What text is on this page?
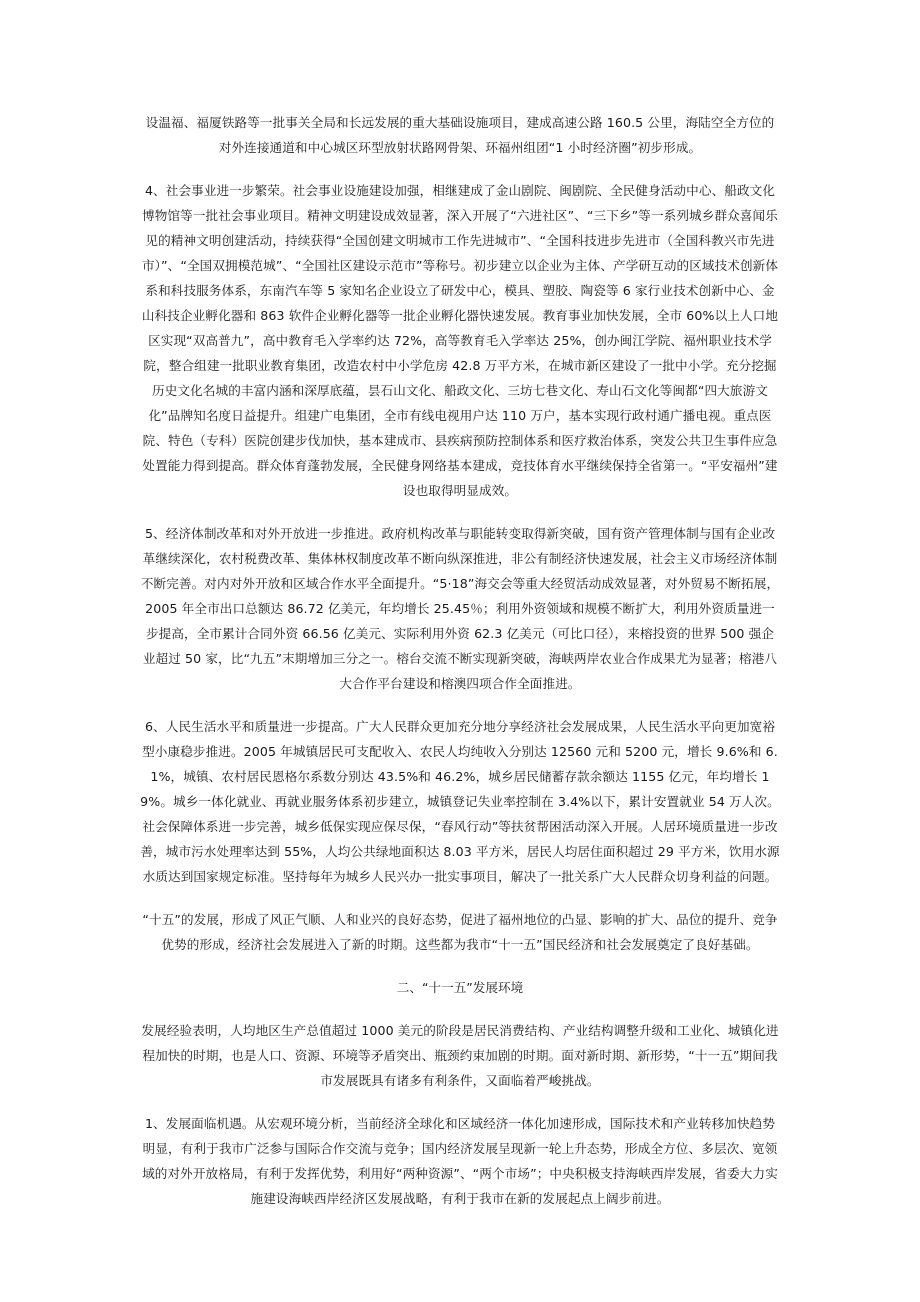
设温福、福厦铁路等一批事关全局和长远发展的重大基础设施项目，建成高速公路 160.5 公里，海陆空全方位的对外连接通道和中心城区环型放射状路网骨架、环福州组团“1 小时经济圈”初步形成。

4、社会事业进一步繁荣。社会事业设施建设加强，相继建成了金山剧院、闽剧院、全民健身活动中心、船政文化博物馆等一批社会事业项目。精神文明建设成效显著，深入开展了“六进社区”、“三下乡”等一系列城乡群众喜闻乐见的精神文明创建活动，持续获得“全国创建文明城市工作先进城市”、“全国科技进步先进市（全国科教兴市先进市）”、“全国双拥模范城”、“全国社区建设示范市”等称号。初步建立以企业为主体、产学研互动的区域技术创新体系和科技服务体系，东南汽车等 5 家知名企业设立了研发中心，模具、塑胶、陶瓷等 6 家行业技术创新中心、金山科技企业孵化器和 863 软件企业孵化器等一批企业孵化器快速发展。教育事业加快发展，全市 60%以上人口地区实现“双高普九”，高中教育毛入学率约达 72%，高等教育毛入学率达 25%，创办闽江学院、福州职业技术学院，整合组建一批职业教育集团，改造农村中小学危房 42.8 万平方米，在城市新区建设了一批中小学。充分挖掘历史文化名城的丰富内涵和深厚底蕴，昙石山文化、船政文化、三坊七巷文化、寿山石文化等闽都“四大旅游文化”品牌知名度日益提升。组建广电集团，全市有线电视用户达 110 万户，基本实现行政村通广播电视。重点医院、特色（专科）医院创建步伐加快，基本建成市、县疾病预防控制体系和医疗救治体系，突发公共卫生事件应急处置能力得到提高。群众体育蓬勃发展，全民健身网络基本建成，竞技体育水平继续保持全省第一。“平安福州”建设也取得明显成效。

5、经济体制改革和对外开放进一步推进。政府机构改革与职能转变取得新突破，国有资产管理体制与国有企业改革继续深化，农村税费改革、集体林权制度改革不断向纵深推进，非公有制经济快速发展，社会主义市场经济体制不断完善。对内对外开放和区域合作水平全面提升。“5·18”海交会等重大经贸活动成效显著，对外贸易不断拓展，2005 年全市出口总额达 86.72 亿美元，年均增长 25.45％；利用外资领域和规模不断扩大，利用外资质量进一步提高，全市累计合同外资 66.56 亿美元、实际利用外资 62.3 亿美元（可比口径），来榕投资的世界 500 强企业超过 50 家，比“九五”末期增加三分之一。榕台交流不断实现新突破，海峡两岸农业合作成果尤为显著；榕港八大合作平台建设和榕澳四项合作全面推进。

6、人民生活水平和质量进一步提高。广大人民群众更加充分地分享经济社会发展成果，人民生活水平向更加宽裕型小康稳步推进。2005 年城镇居民可支配收入、农民人均纯收入分别达 12560 元和 5200 元，增长 9.6%和 6.1%，城镇、农村居民恩格尔系数分别达 43.5%和 46.2%，城乡居民储蓄存款余额达 1155 亿元，年均增长 19%。城乡一体化就业、再就业服务体系初步建立，城镇登记失业率控制在 3.4%以下，累计安置就业 54 万人次。社会保障体系进一步完善，城乡低保实现应保尽保，“春风行动”等扶贫帮困活动深入开展。人居环境质量进一步改善，城市污水处理率达到 55%，人均公共绿地面积达 8.03 平方米，居民人均居住面积超过 29 平方米，饮用水源水质达到国家规定标准。坚持每年为城乡人民兴办一批实事项目，解决了一批关系广大人民群众切身利益的问题。

“十五”的发展，形成了风正气顺、人和业兴的良好态势，促进了福州地位的凸显、影响的扩大、品位的提升、竞争优势的形成，经济社会发展进入了新的时期。这些都为我市“十一五”国民经济和社会发展奠定了良好基础。

二、“十一五”发展环境

发展经验表明，人均地区生产总值超过 1000 美元的阶段是居民消费结构、产业结构调整升级和工业化、城镇化进程加快的时期，也是人口、资源、环境等矛盾突出、瓶颈约束加剧的时期。面对新时期、新形势，“十一五”期间我市发展既具有诸多有利条件，又面临着严峻挑战。

1、发展面临机遇。从宏观环境分析，当前经济全球化和区域经济一体化加速形成，国际技术和产业转移加快趋势明显，有利于我市广泛参与国际合作交流与竞争；国内经济发展呈现新一轮上升态势，形成全方位、多层次、宽领域的对外开放格局，有利于发挥优势，利用好“两种资源”、“两个市场”；中央积极支持海峡西岸发展，省委大力实施建设海峡西岸经济区发展战略，有利于我市在新的发展起点上阔步前进。
